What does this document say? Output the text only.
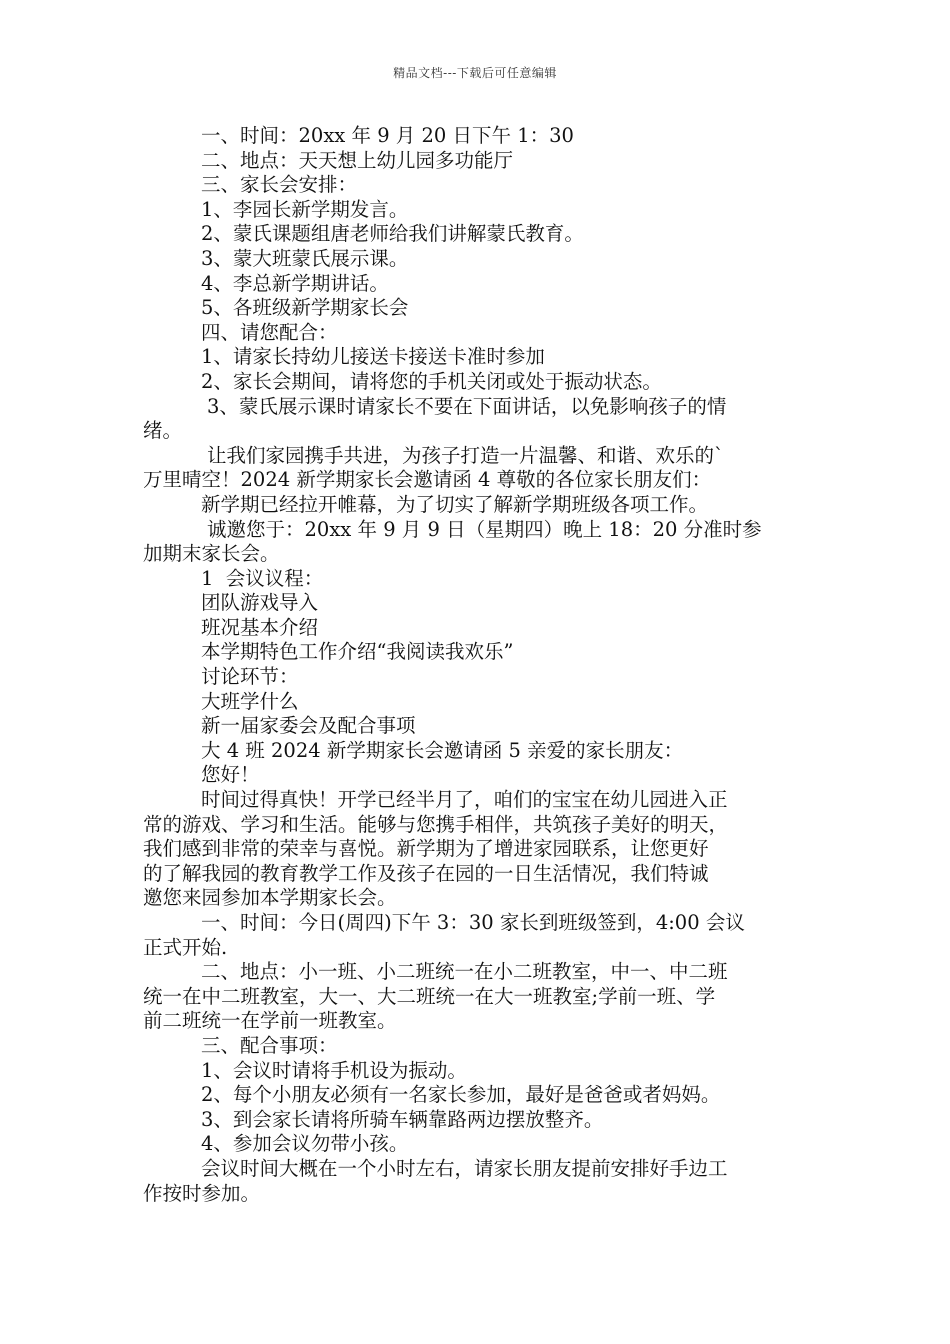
精品文档---下载后可任意编辑

一、时间：20xx 年 9 月 20 日下午 1：30

二、地点：天天想上幼儿园多功能厅

三、家长会安排：

1、李园长新学期发言。

2、蒙氏课题组唐老师给我们讲解蒙氏教育。

3、蒙大班蒙氏展示课。

4、李总新学期讲话。

5、各班级新学期家长会

四、请您配合：

1、请家长持幼儿接送卡接送卡准时参加

2、家长会期间，请将您的手机关闭或处于振动状态。

3、蒙氏展示课时请家长不要在下面讲话，以免影响孩子的情

绪。

让我们家园携手共进，为孩子打造一片温馨、和谐、欢乐的`

万里晴空！2024 新学期家长会邀请函 4 尊敬的各位家长朋友们：

新学期已经拉开帷幕，为了切实了解新学期班级各项工作。

诚邀您于：20xx 年 9 月 9 日（星期四）晚上 18：20 分准时参

加期末家长会。

1  会议议程：

团队游戏导入

班况基本介绍

本学期特色工作介绍“我阅读我欢乐”

讨论环节：

大班学什么

新一届家委会及配合事项

大 4 班 2024 新学期家长会邀请函 5 亲爱的家长朋友：

您好！

时间过得真快！开学已经半月了，咱们的宝宝在幼儿园进入正

常的游戏、学习和生活。能够与您携手相伴，共筑孩子美好的明天，

我们感到非常的荣幸与喜悦。新学期为了增进家园联系，让您更好

的了解我园的教育教学工作及孩子在园的一日生活情况，我们特诚

邀您来园参加本学期家长会。

一、时间：今日(周四)下午 3：30 家长到班级签到，4:00 会议

正式开始.

二、地点：小一班、小二班统一在小二班教室，中一、中二班

统一在中二班教室，大一、大二班统一在大一班教室;学前一班、学

前二班统一在学前一班教室。

三、配合事项：

1、会议时请将手机设为振动。

2、每个小朋友必须有一名家长参加，最好是爸爸或者妈妈。

3、到会家长请将所骑车辆靠路两边摆放整齐。

4、参加会议勿带小孩。

会议时间大概在一个小时左右，请家长朋友提前安排好手边工

作按时参加。
